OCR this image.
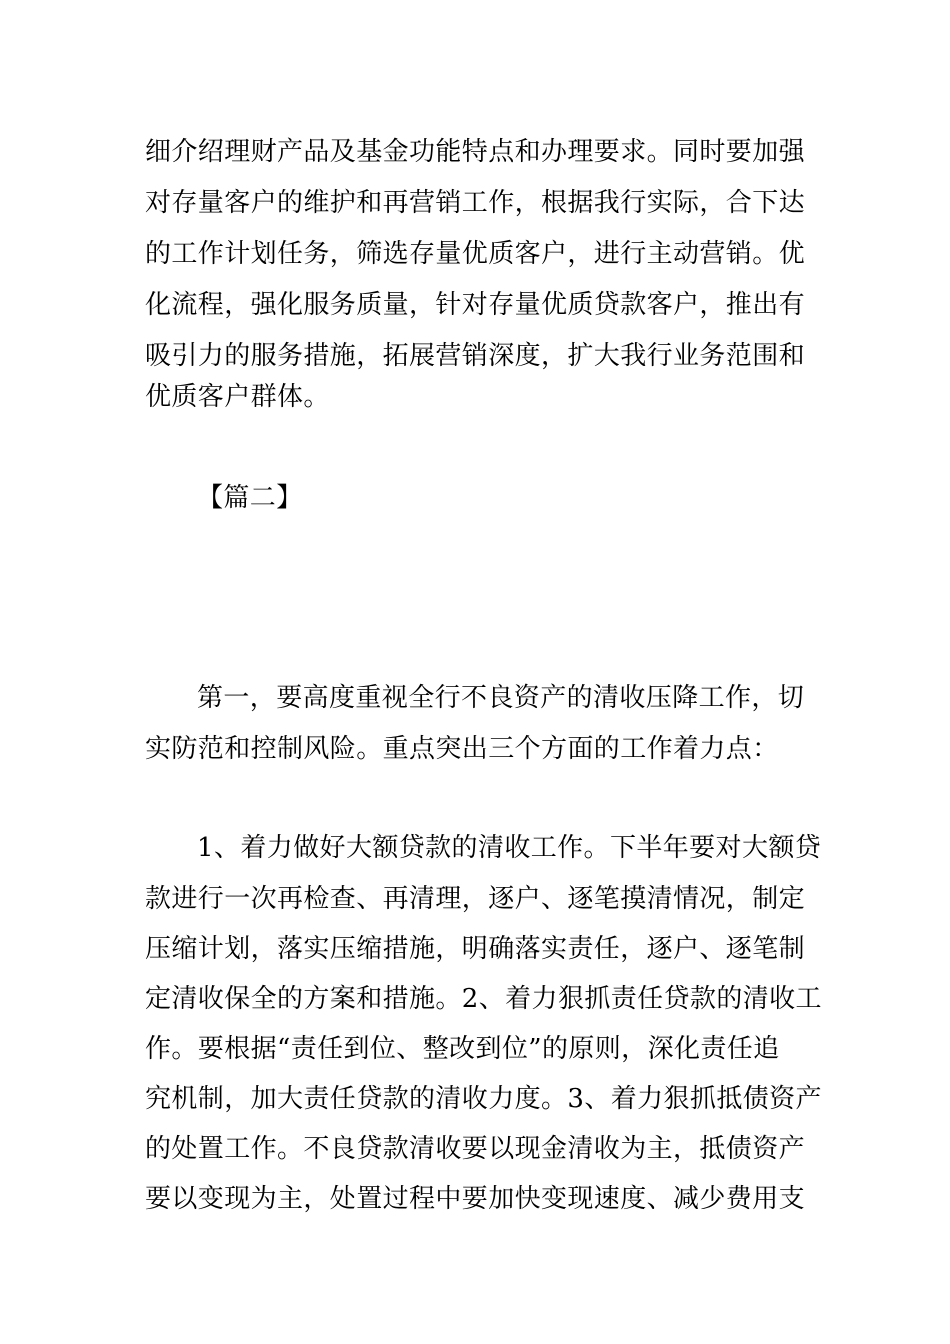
细介绍理财产品及基金功能特点和办理要求。同时要加强
对存量客户的维护和再营销工作，根据我行实际，合下达
的工作计划任务，筛选存量优质客户，进行主动营销。优
化流程，强化服务质量，针对存量优质贷款客户，推出有
吸引力的服务措施，拓展营销深度，扩大我行业务范围和
优质客户群体。
【篇二】
第一，要高度重视全行不良资产的清收压降工作，切
实防范和控制风险。重点突出三个方面的工作着力点：
1、着力做好大额贷款的清收工作。下半年要对大额贷
款进行一次再检查、再清理，逐户、逐笔摸清情况，制定
压缩计划，落实压缩措施，明确落实责任，逐户、逐笔制
定清收保全的方案和措施。2、着力狠抓责任贷款的清收工
作。要根据“责任到位、整改到位”的原则，深化责任追
究机制，加大责任贷款的清收力度。3、着力狠抓抵债资产
的处置工作。不良贷款清收要以现金清收为主，抵债资产
要以变现为主，处置过程中要加快变现速度、减少费用支
